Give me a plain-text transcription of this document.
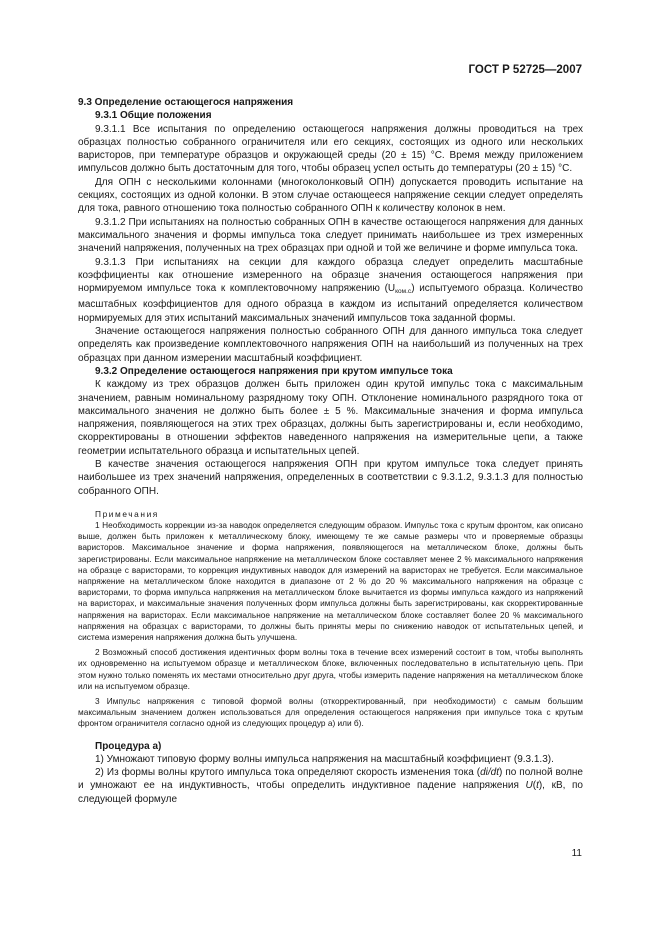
ГОСТ Р 52725—2007
9.3 Определение остающегося напряжения
9.3.1 Общие положения

9.3.1.1 Все испытания по определению остающегося напряжения должны проводиться на трех образцах полностью собранного ограничителя или его секциях, состоящих из одного или нескольких варисторов, при температуре образцов и окружающей среды (20 ± 15) °С. Время между приложением импульсов должно быть достаточным для того, чтобы образец успел остыть до температуры (20 ± 15) °С.

Для ОПН с несколькими колоннами (многоколонковый ОПН) допускается проводить испытание на секциях, состоящих из одной колонки. В этом случае остающееся напряжение секции следует определять для тока, равного отношению тока полностью собранного ОПН к количеству колонок в нем.

9.3.1.2 При испытаниях на полностью собранных ОПН в качестве остающегося напряжения для данных максимального значения и формы импульса тока следует принимать наибольшее из трех измеренных значений напряжения, полученных на трех образцах при одной и той же величине и форме импульса тока.

9.3.1.3 При испытаниях на секции для каждого образца следует определить масштабные коэффициенты как отношение измеренного на образце значения остающегося напряжения при нормируемом импульсе тока к комплектовочному напряжению $(U_{ком.с})$ испытуемого образца. Количество масштабных коэффициентов для одного образца в каждом из испытаний определяется количеством нормируемых для этих испытаний максимальных значений импульсов тока заданной формы.

Значение остающегося напряжения полностью собранного ОПН для данного импульса тока следует определять как произведение комплектовочного напряжения ОПН на наибольший из полученных на трех образцах при данном измерении масштабный коэффициент.

9.3.2 Определение остающегося напряжения при крутом импульсе тока

К каждому из трех образцов должен быть приложен один крутой импульс тока с максимальным значением, равным номинальному разрядному току ОПН. Отклонение номинального разрядного тока от максимального значения не должно быть более ± 5 %. Максимальные значения и форма импульса напряжения, появляющегося на этих трех образцах, должны быть зарегистрированы и, если необходимо, скорректированы в отношении эффектов наведенного напряжения на измерительные цепи, а также геометрии испытательного образца и испытательных цепей.

В качестве значения остающегося напряжения ОПН при крутом импульсе тока следует принять наибольшее из трех значений напряжения, определенных в соответствии с 9.3.1.2, 9.3.1.3 для полностью собранного ОПН.

Примечания

1 Необходимость коррекции из-за наводок определяется следующим образом. Импульс тока с крутым фронтом, как описано выше, должен быть приложен к металлическому блоку, имеющему те же самые размеры что и проверяемые образцы варисторов. Максимальное значение и форма напряжения, появляющегося на металлическом блоке, должны быть зарегистрированы. Если максимальное напряжение на металлическом блоке составляет менее 2 % максимального напряжения на образце с варисторами, то коррекция индуктивных наводок для измерений на варисторах не требуется. Если максимальное напряжение на металлическом блоке находится в диапазоне от 2 % до 20 % максимального напряжения на образце с варисторами, то форма импульса напряжения на металлическом блоке вычитается из формы импульса каждого из напряжений на варисторах, и максимальные значения полученных форм импульса должны быть зарегистрированы, как скорректированные напряжения на варисторах. Если максимальное напряжение на металлическом блоке составляет более 20 % максимального напряжения на образцах с варисторами, то должны быть приняты меры по снижению наводок от испытательных цепей, и система измерения напряжения должна быть улучшена.

2 Возможный способ достижения идентичных форм волны тока в течение всех измерений состоит в том, чтобы выполнять их одновременно на испытуемом образце и металлическом блоке, включенных последовательно в испытательную цепь. При этом нужно только поменять их местами относительно друг друга, чтобы измерить падение напряжения на металлическом блоке или на испытуемом образце.

3 Импульс напряжения с типовой формой волны (откорректированный, при необходимости) с самым большим максимальным значением должен использоваться для определения остающегося напряжения при импульсе тока с крутым фронтом ограничителя согласно одной из следующих процедур а) или б).

Процедура а)

1) Умножают типовую форму волны импульса напряжения на масштабный коэффициент (9.3.1.3).

2) Из формы волны крутого импульса тока определяют скорость изменения тока (di/dt) по полной волне и умножают ее на индуктивность, чтобы определить индуктивное падение напряжения U(t), кВ, по следующей формуле

11
